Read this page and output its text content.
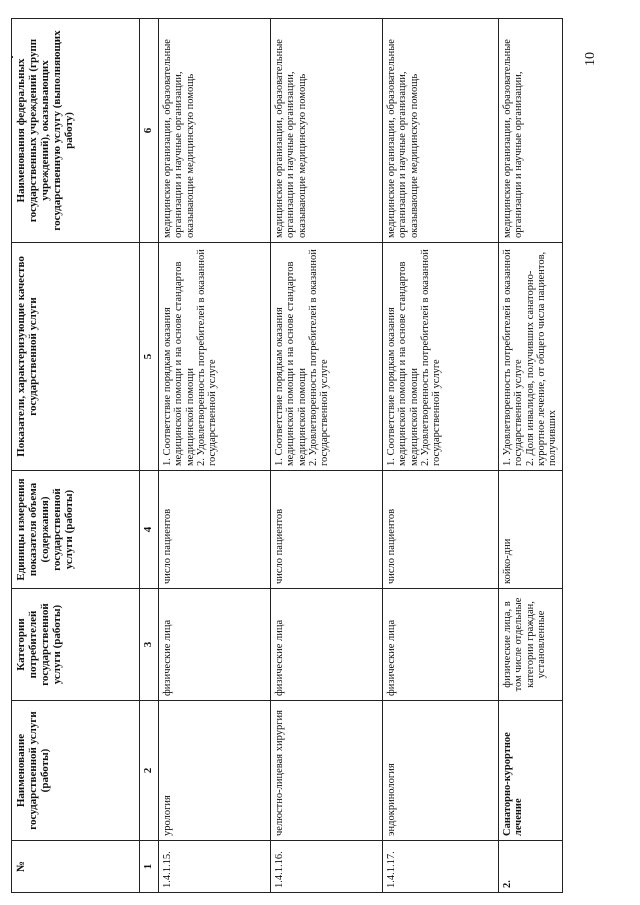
№	Наименование государственной услуги (работы)	Категории потребителей государственной услуги (работы)	Единицы измерения показателя объема (содержания) государственной услуги (работы)	Показатели, характеризующие качество государственной услуги	Наименования федеральных государственных учреждений (групп учреждений), оказывающих государственную услугу (выполняющих работу)
1	2	3	4	5	6
1.4.1.15.	урология	физические лица	число пациентов	1. Соответствие порядкам оказания медицинской помощи и на основе стандартов медицинской помощи 2. Удовлетворенность потребителей в оказанной государственной услуге	медицинские организации, образовательные организации и научные организации, оказывающие медицинскую помощь
1.4.1.16.	челюстно-лицевая хирургия	физические лица	число пациентов	1. Соответствие порядкам оказания медицинской помощи и на основе стандартов медицинской помощи 2. Удовлетворенность потребителей в оказанной государственной услуге	медицинские организации, образовательные организации и научные организации, оказывающие медицинскую помощь
1.4.1.17.	эндокринология	физические лица	число пациентов	1. Соответствие порядкам оказания медицинской помощи и на основе стандартов медицинской помощи 2. Удовлетворенность потребителей в оказанной государственной услуге	медицинские организации, образовательные организации и научные организации, оказывающие медицинскую помощь
2.	Санаторно-курортное лечение	физические лица, в том числе отдельные категории граждан, установленные	койко-дни	1. Удовлетворенность потребителей в оказанной государственной услуге 2. Доля инвалидов, получивших санаторно-курортное лечение, от общего числа пациентов, получивших	медицинские организации, образовательные организации и научные организации,
10
